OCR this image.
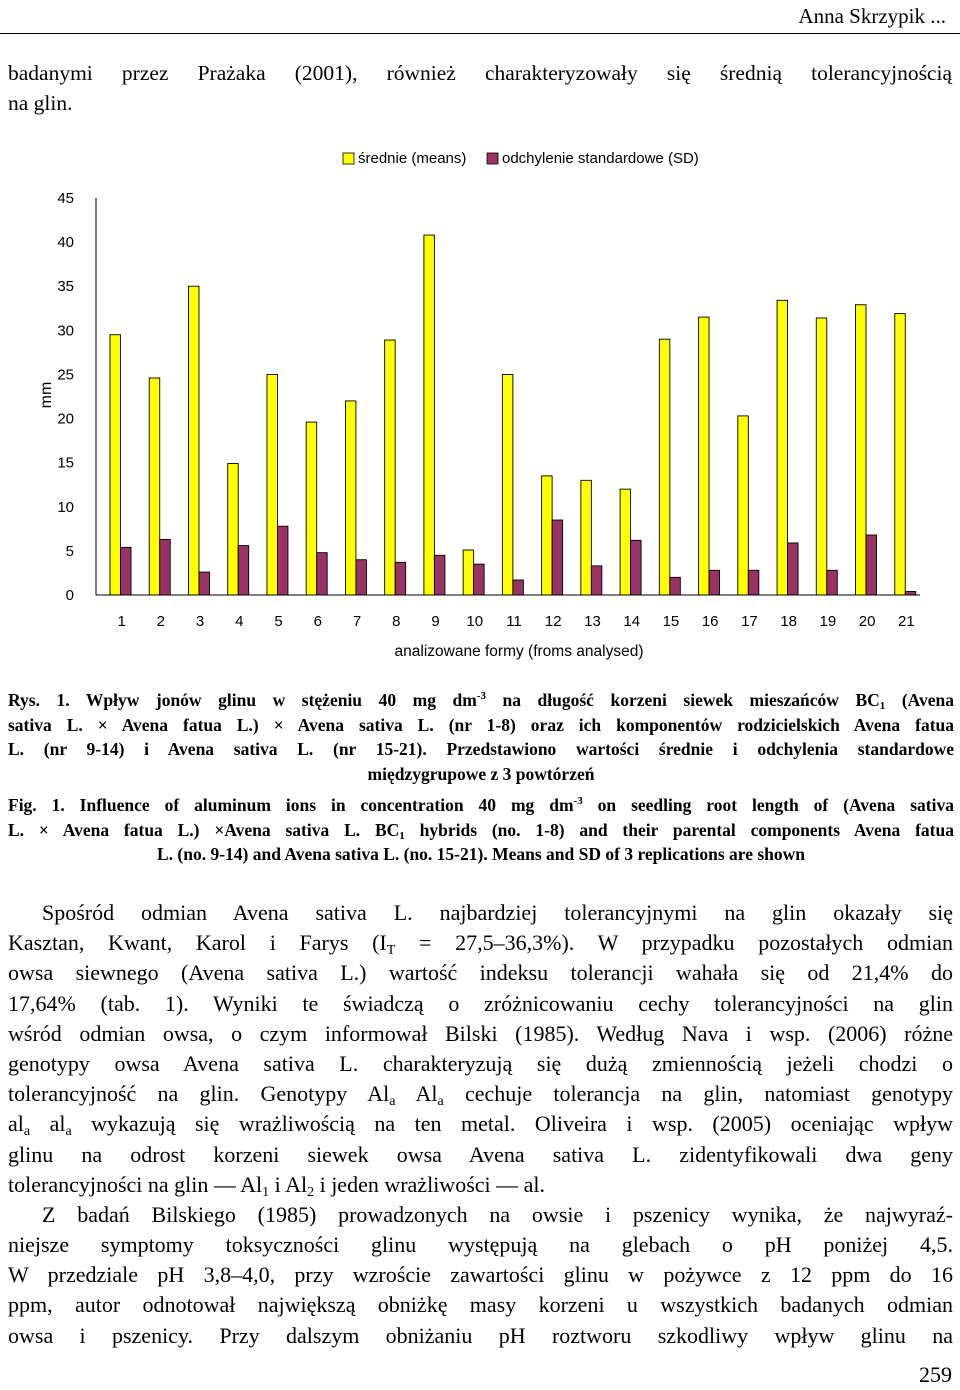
Anna Skrzypik ...
badanymi przez Prażaka (2001), również charakteryzowały się średnią tolerancyjnością
na glin.
średnie (means) odchylenie standardowe (SD)
0
5
10
15
20
25
30
35
40
45
1 2 3 4 5 6 7 8 9 10 11 12 13 14 15 16 17 18 19 20 21
mm
analizowane formy (froms analysed)
Rys. 1. Wpływ jonów glinu w stężeniu 40 mg $dm^{-3}$ na długość korzeni siewek mieszańców $BC_1$ (Avena
sativa L. × Avena fatua L.) × Avena sativa L. (nr 1-8) oraz ich komponentów rodzicielskich Avena fatua
L. (nr 9-14) i Avena sativa L. (nr 15-21). Przedstawiono wartości średnie i odchylenia standardowe
międzygrupowe z 3 powtórzeń
Fig. 1. Influence of aluminum ions in concentration 40 mg $dm^{-3}$ on seedling root length of (Avena sativa
L. × Avena fatua L.) ×Avena sativa L. $BC_1$ hybrids (no. 1-8) and their parental components Avena fatua
L. (no. 9-14) and Avena sativa L. (no. 15-21). Means and SD of 3 replications are shown
Spośród odmian Avena sativa L. najbardziej tolerancyjnymi na glin okazały się
Kasztan, Kwant, Karol i Farys $(I_T = 27,5-36,3\%)$. W przypadku pozostałych odmian
owsa siewnego (Avena sativa L.) wartość indeksu tolerancji wahała się od 21,4% do
17,64% (tab. 1). Wyniki te świadczą o zróżnicowaniu cechy tolerancyjności na glin
wśród odmian owsa, o czym informował Bilski (1985). Według Nava i wsp. (2006) różne
genotypy owsa Avena sativa L. charakteryzują się dużą zmiennością jeżeli chodzi o
tolerancyjność na glin. Genotypy $Al_a$ $Al_a$ cechuje tolerancja na glin, natomiast genotypy
$al_a$ $al_a$ wykazują się wrażliwością na ten metal. Oliveira i wsp. (2005) oceniając wpływ
glinu na odrost korzeni siewek owsa Avena sativa L. zidentyfikowali dwa geny
tolerancyjności na glin — $Al_1$ i $Al_2$ i jeden wrażliwości — al.
Z badań Bilskiego (1985) prowadzonych na owsie i pszenicy wynika, że najwyraź-
niejsze symptomy toksyczności glinu występują na glebach o pH poniżej 4,5.
W przedziale pH 3,8–4,0, przy wzroście zawartości glinu w pożywce z 12 ppm do 16
ppm, autor odnotował największą obniżkę masy korzeni u wszystkich badanych odmian
owsa i pszenicy. Przy dalszym obniżaniu pH roztworu szkodliwy wpływ glinu na
259
